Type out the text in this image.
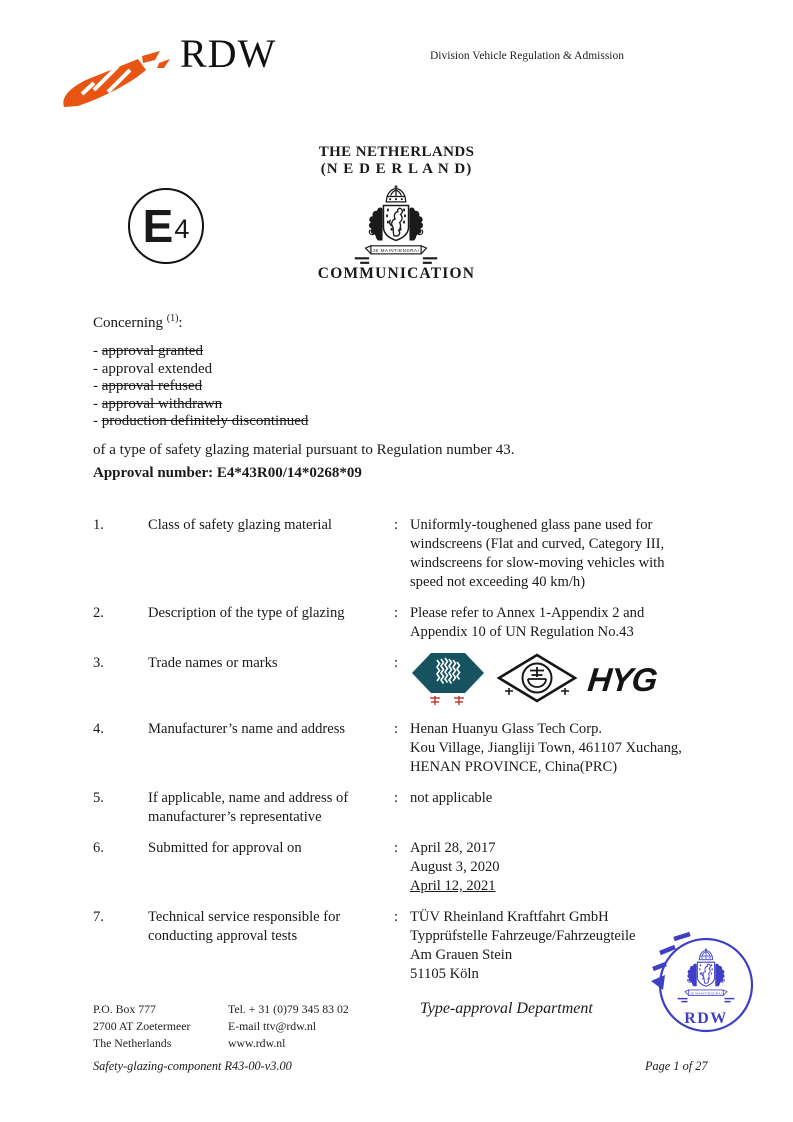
RDW	Division Vehicle Regulation & Admission
THE NETHERLANDS
(N E D E R L A N D)
E 4
COMMUNICATION
Concerning $^{(1)}$:
- approval granted
- approval extended
- approval refused
- approval withdrawn
- production definitely discontinued
of a type of safety glazing material pursuant to Regulation number 43.
Approval number: E4*43R00/14*0268*09
1.	Class of safety glazing material	: Uniformly-toughened glass pane used for
windscreens (Flat and curved, Category III,
windscreens for slow-moving vehicles with
speed not exceeding 40 km/h)
2.	Description of the type of glazing	: Please refer to Annex 1-Appendix 2 and
Appendix 10 of UN Regulation No.43
3.	Trade names or marks	:	HYG
4.	Manufacturer’s name and address	: Henan Huanyu Glass Tech Corp.
Kou Village, Jiangliji Town, 461107 Xuchang,
HENAN PROVINCE, China(PRC)
5.	If applicable, name and address of manufacturer’s representative
: not applicable
6.	Submitted for approval on	: April 28, 2017
August 3, 2020
April 12, 2021
7.	Technical service responsible for conducting approval tests
: TÜV Rheinland Kraftfahrt GmbH
Typprüfstelle Fahrzeuge/Fahrzeugteile
Am Grauen Stein
51105 Köln
P.O. Box 777
2700 AT Zoetermeer
The Netherlands
Tel. + 31 (0)79 345 83 02
E-mail ttv@rdw.nl
www.rdw.nl
Type-approval Department
Safety-glazing-component R43-00-v3.00	Page 1 of 27
RDW
